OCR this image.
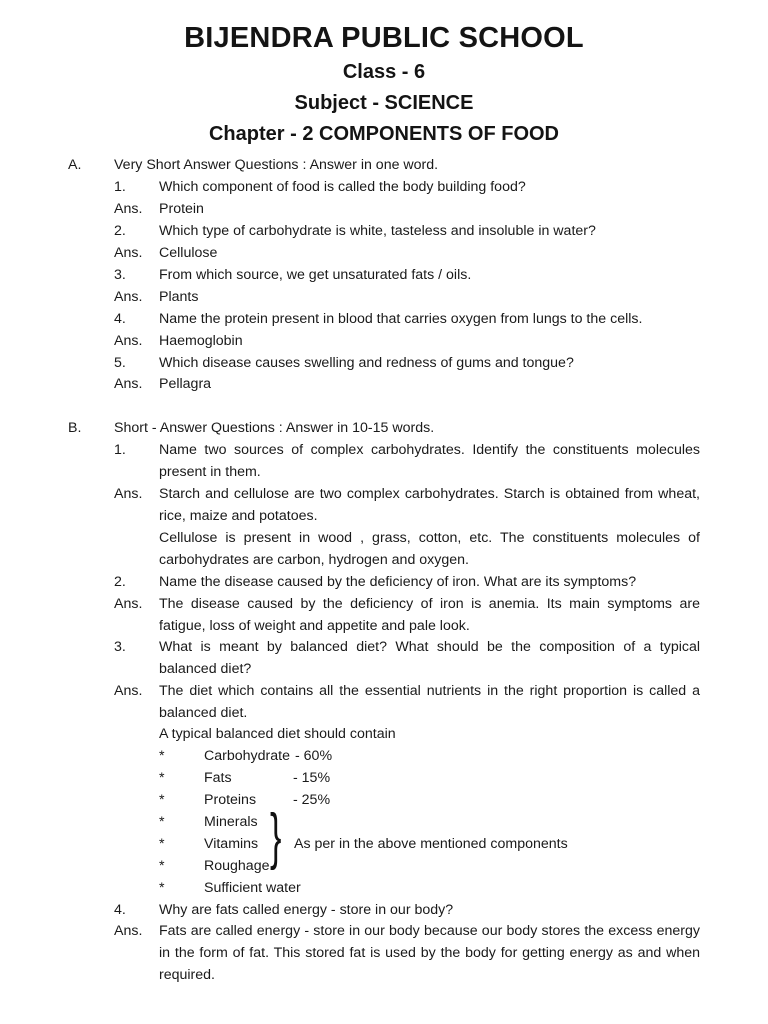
BIJENDRA PUBLIC SCHOOL
Class - 6
Subject - SCIENCE
Chapter - 2 COMPONENTS OF FOOD
A. Very Short Answer Questions : Answer in one word.
1. Which component of food is called the body building food?
Ans. Protein
2. Which type of carbohydrate is white, tasteless and insoluble in water?
Ans. Cellulose
3. From which source, we get unsaturated fats / oils.
Ans. Plants
4. Name the protein present in blood that carries oxygen from lungs to the cells.
Ans. Haemoglobin
5. Which disease causes swelling and redness of gums and tongue?
Ans. Pellagra
B. Short - Answer Questions : Answer in 10-15 words.
1. Name two sources of complex carbohydrates. Identify the constituents molecules present in them.
Ans. Starch and cellulose are two complex carbohydrates. Starch is obtained from wheat, rice, maize and potatoes.
Cellulose is present in wood , grass, cotton, etc. The constituents molecules of carbohydrates are carbon, hydrogen and oxygen.
2. Name the disease caused by the deficiency of iron. What are its symptoms?
Ans. The disease caused by the deficiency of iron is anemia. Its main symptoms are fatigue, loss of weight and appetite and pale look.
3. What is meant by balanced diet? What should be the composition of a typical balanced diet?
Ans. The diet which contains all the essential nutrients in the right proportion is called a balanced diet.
A typical balanced diet should contain
*	Carbohydrate - 60%
*	Fats	- 15%
*	Proteins	- 25%
*	Minerals
*	Vitamins
*	Roughage
*	Sufficient water
} As per in the above mentioned components
4. Why are fats called energy - store in our body?
Ans. Fats are called energy - store in our body because our body stores the excess energy in the form of fat. This stored fat is used by the body for getting energy as and when required.
